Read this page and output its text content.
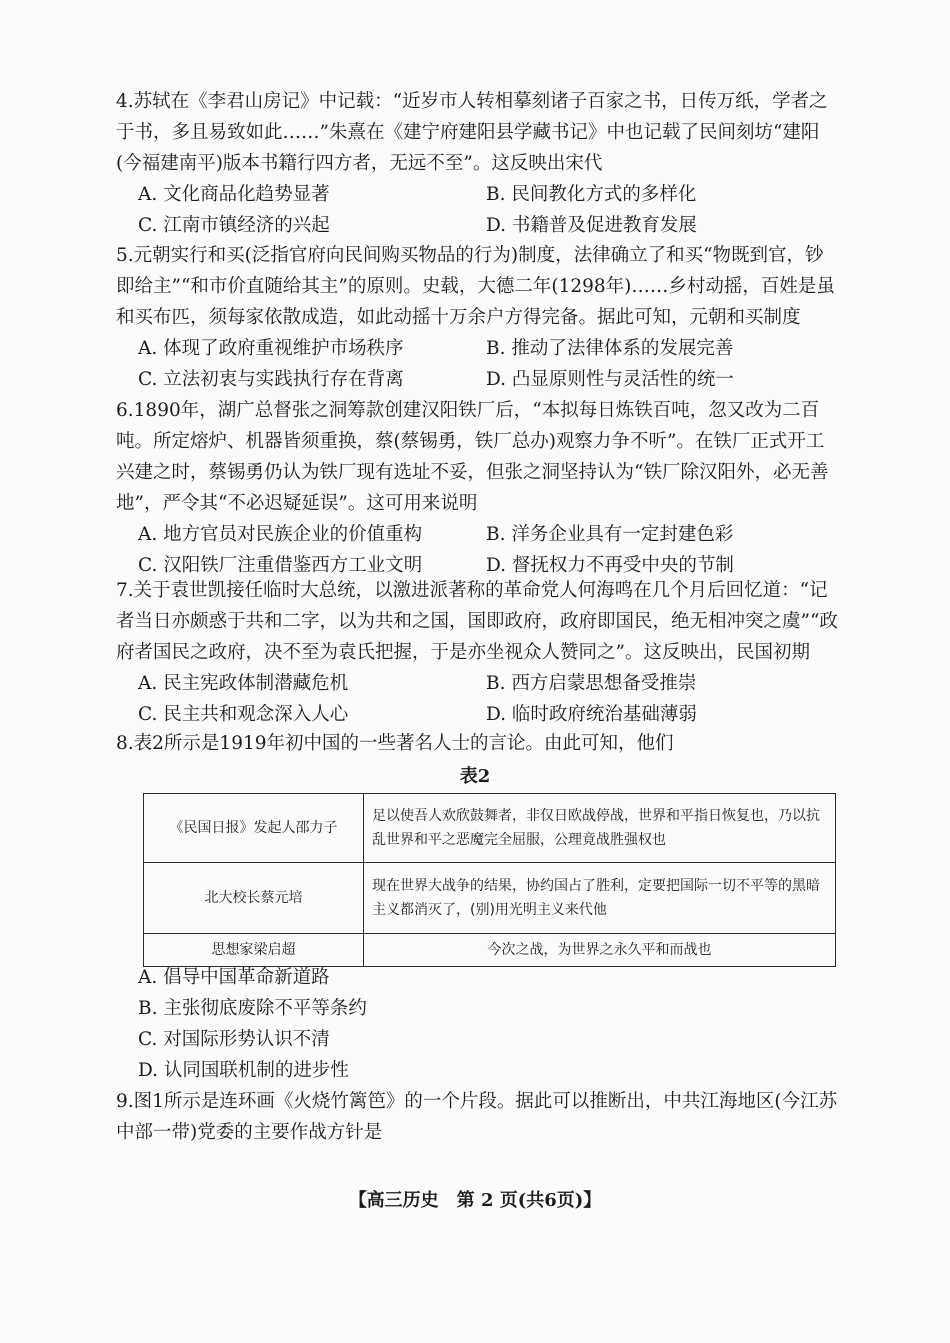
4.苏轼在《李君山房记》中记载：“近岁市人转相摹刻诸子百家之书，日传万纸，学者之于书，多且易致如此……”朱熹在《建宁府建阳县学藏书记》中也记载了民间刻坊“建阳(今福建南平)版本书籍行四方者，无远不至”。这反映出宋代

A. 文化商品化趋势显著	B. 民间教化方式的多样化
C. 江南市镇经济的兴起	D. 书籍普及促进教育发展

5.元朝实行和买(泛指官府向民间购买物品的行为)制度，法律确立了和买“物既到官，钞即给主”“和市价直随给其主”的原则。史载，大德二年(1298年)……乡村动摇，百姓是虽和买布匹，须每家依散成造，如此动摇十万余户方得完备。据此可知，元朝和买制度

A. 体现了政府重视维护市场秩序	B. 推动了法律体系的发展完善
C. 立法初衷与实践执行存在背离	D. 凸显原则性与灵活性的统一

6.1890年，湖广总督张之洞筹款创建汉阳铁厂后，“本拟每日炼铁百吨，忽又改为二百吨。所定熔炉、机器皆须重换，蔡(蔡锡勇，铁厂总办)观察力争不听”。在铁厂正式开工兴建之时，蔡锡勇仍认为铁厂现有选址不妥，但张之洞坚持认为“铁厂除汉阳外，必无善地”，严令其“不必迟疑延误”。这可用来说明

A. 地方官员对民族企业的价值重构	B. 洋务企业具有一定封建色彩
C. 汉阳铁厂注重借鉴西方工业文明	D. 督抚权力不再受中央的节制

7.关于袁世凯接任临时大总统，以激进派著称的革命党人何海鸣在几个月后回忆道：“记者当日亦颇惑于共和二字，以为共和之国，国即政府，政府即国民，绝无相冲突之虞”“政府者国民之政府，决不至为袁氏把握，于是亦坐视众人赞同之”。这反映出，民国初期

A. 民主宪政体制潜藏危机	B. 西方启蒙思想备受推崇
C. 民主共和观念深入人心	D. 临时政府统治基础薄弱

8.表2所示是1919年初中国的一些著名人士的言论。由此可知，他们

表2
《民国日报》发起人邵力子	足以使吾人欢欣鼓舞者，非仅日欧战停战，世界和平指日恢复也，乃以抗乱世界和平之恶魔完全屈服，公理竟战胜强权也
北大校长蔡元培	现在世界大战争的结果，协约国占了胜利，定要把国际一切不平等的黑暗主义都消灭了，(别)用光明主义来代他
思想家梁启超	今次之战，为世界之永久平和而战也
A. 倡导中国革命新道路
B. 主张彻底废除不平等条约
C. 对国际形势认识不清
D. 认同国联机制的进步性

9.图1所示是连环画《火烧竹篱笆》的一个片段。据此可以推断出，中共江海地区(今江苏中部一带)党委的主要作战方针是

【高三历史　第 2 页(共6页)】
